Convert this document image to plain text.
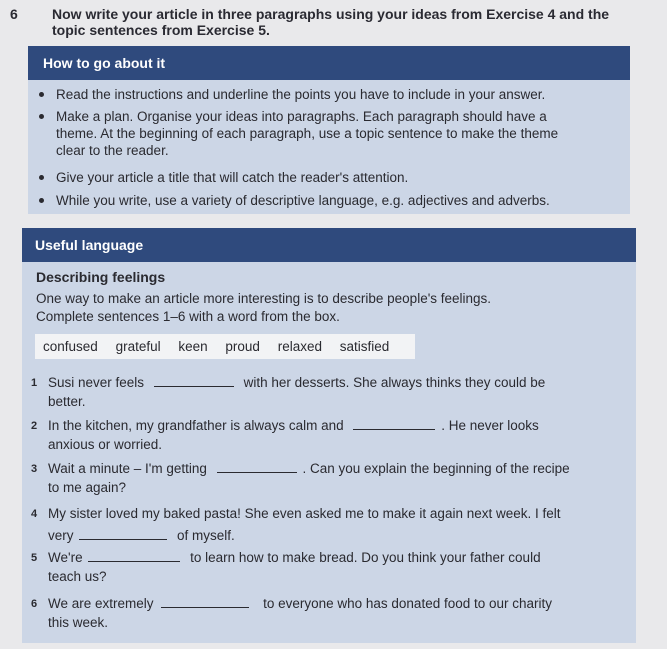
6 Now write your article in three paragraphs using your ideas from Exercise 4 and the
topic sentences from Exercise 5.
How to go about it
Read the instructions and underline the points you have to include in your answer.
Make a plan. Organise your ideas into paragraphs. Each paragraph should have a
theme. At the beginning of each paragraph, use a topic sentence to make the theme
clear to the reader.
Give your article a title that will catch the reader's attention.
While you write, use a variety of descriptive language, e.g. adjectives and adverbs.
Useful language
Describing feelings
One way to make an article more interesting is to describe people's feelings.
Complete sentences 1–6 with a word from the box.
confused grateful keen proud relaxed satisfied
1 Susi never feels	with her desserts. She always thinks they could be
better.
2 In the kitchen, my grandfather is always calm and	. He never looks
anxious or worried.
3 Wait a minute – I'm getting	. Can you explain the beginning of the recipe
to me again?
4 My sister loved my baked pasta! She even asked me to make it again next week. I felt
very	of myself.
5 We're	to learn how to make bread. Do you think your father could
teach us?
6 We are extremely	to everyone who has donated food to our charity
this week.
